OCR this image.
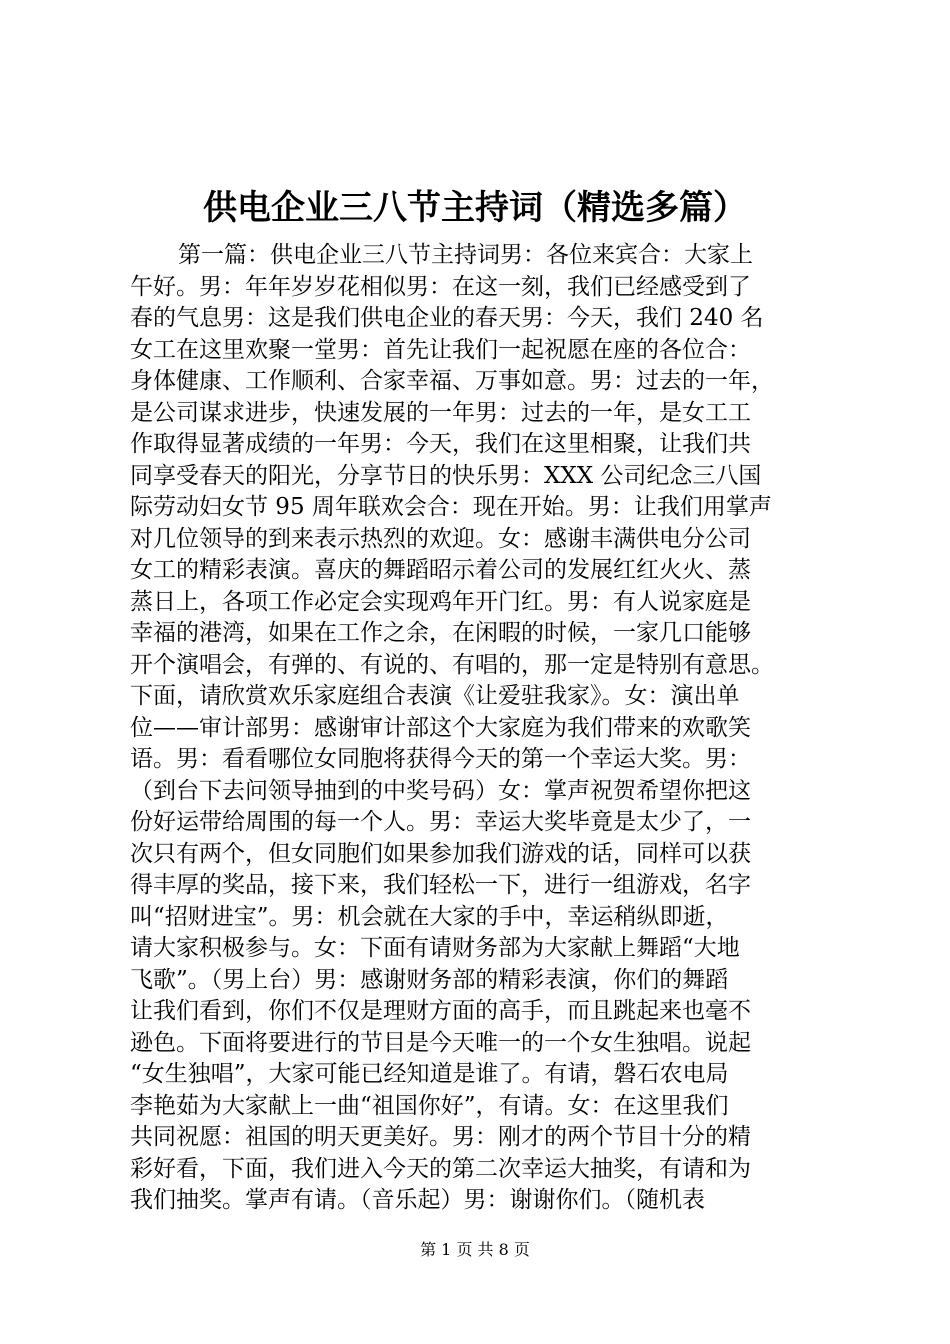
供电企业三八节主持词（精选多篇）
第一篇：供电企业三八节主持词男：各位来宾合：大家上
午好。男：年年岁岁花相似男：在这一刻，我们已经感受到了
春的气息男：这是我们供电企业的春天男：今天，我们 240 名
女工在这里欢聚一堂男：首先让我们一起祝愿在座的各位合：
身体健康、工作顺利、合家幸福、万事如意。男：过去的一年，
是公司谋求进步，快速发展的一年男：过去的一年，是女工工
作取得显著成绩的一年男：今天，我们在这里相聚，让我们共
同享受春天的阳光，分享节日的快乐男：XXX 公司纪念三八国
际劳动妇女节 95 周年联欢会合：现在开始。男：让我们用掌声
对几位领导的到来表示热烈的欢迎。女：感谢丰满供电分公司
女工的精彩表演。喜庆的舞蹈昭示着公司的发展红红火火、蒸
蒸日上，各项工作必定会实现鸡年开门红。男：有人说家庭是
幸福的港湾，如果在工作之余，在闲暇的时候，一家几口能够
开个演唱会，有弹的、有说的、有唱的，那一定是特别有意思。
下面，请欣赏欢乐家庭组合表演《让爱驻我家》。女：演出单
位——审计部男：感谢审计部这个大家庭为我们带来的欢歌笑
语。男：看看哪位女同胞将获得今天的第一个幸运大奖。男：
（到台下去问领导抽到的中奖号码）女：掌声祝贺希望你把这
份好运带给周围的每一个人。男：幸运大奖毕竟是太少了，一
次只有两个，但女同胞们如果参加我们游戏的话，同样可以获
得丰厚的奖品，接下来，我们轻松一下，进行一组游戏，名字
叫“招财进宝”。男：机会就在大家的手中，幸运稍纵即逝，
请大家积极参与。女：下面有请财务部为大家献上舞蹈“大地
飞歌”。（男上台）男：感谢财务部的精彩表演，你们的舞蹈
让我们看到，你们不仅是理财方面的高手，而且跳起来也毫不
逊色。下面将要进行的节目是今天唯一的一个女生独唱。说起
“女生独唱”，大家可能已经知道是谁了。有请，磐石农电局
李艳茹为大家献上一曲“祖国你好”，有请。女：在这里我们
共同祝愿：祖国的明天更美好。男：刚才的两个节目十分的精
彩好看，下面，我们进入今天的第二次幸运大抽奖，有请和为
我们抽奖。掌声有请。（音乐起）男：谢谢你们。（随机表
第 1 页 共 8 页
